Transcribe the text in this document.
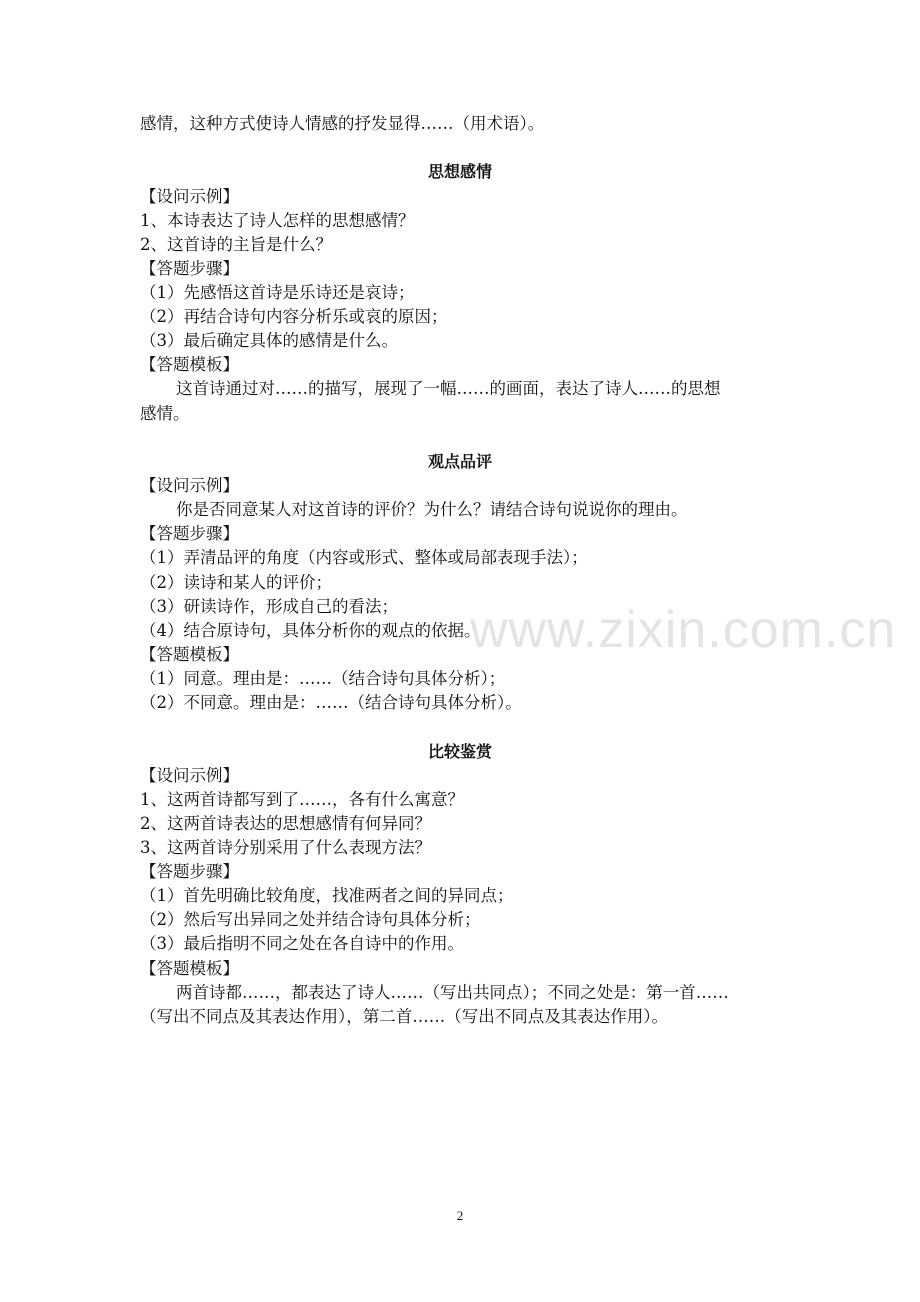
感情，这种方式使诗人情感的抒发显得……（用术语）。
思想感情
【设问示例】
1、本诗表达了诗人怎样的思想感情？
2、这首诗的主旨是什么？
【答题步骤】
（1）先感悟这首诗是乐诗还是哀诗；
（2）再结合诗句内容分析乐或哀的原因；
（3）最后确定具体的感情是什么。
【答题模板】
这首诗通过对……的描写，展现了一幅……的画面，表达了诗人……的思想
感情。
观点品评
【设问示例】
你是否同意某人对这首诗的评价？为什么？请结合诗句说说你的理由。
【答题步骤】
（1）弄清品评的角度（内容或形式、整体或局部表现手法）；
（2）读诗和某人的评价；
（3）研读诗作，形成自己的看法；
（4）结合原诗句，具体分析你的观点的依据。
【答题模板】
（1）同意。理由是：……（结合诗句具体分析）；
（2）不同意。理由是：……（结合诗句具体分析）。
比较鉴赏
【设问示例】
1、这两首诗都写到了……，各有什么寓意？
2、这两首诗表达的思想感情有何异同？
3、这两首诗分别采用了什么表现方法？
【答题步骤】
（1）首先明确比较角度，找准两者之间的异同点；
（2）然后写出异同之处并结合诗句具体分析；
（3）最后指明不同之处在各自诗中的作用。
【答题模板】
两首诗都……，都表达了诗人……（写出共同点）；不同之处是：第一首……
（写出不同点及其表达作用），第二首……（写出不同点及其表达作用）。
www.zixin.com.cn
2
